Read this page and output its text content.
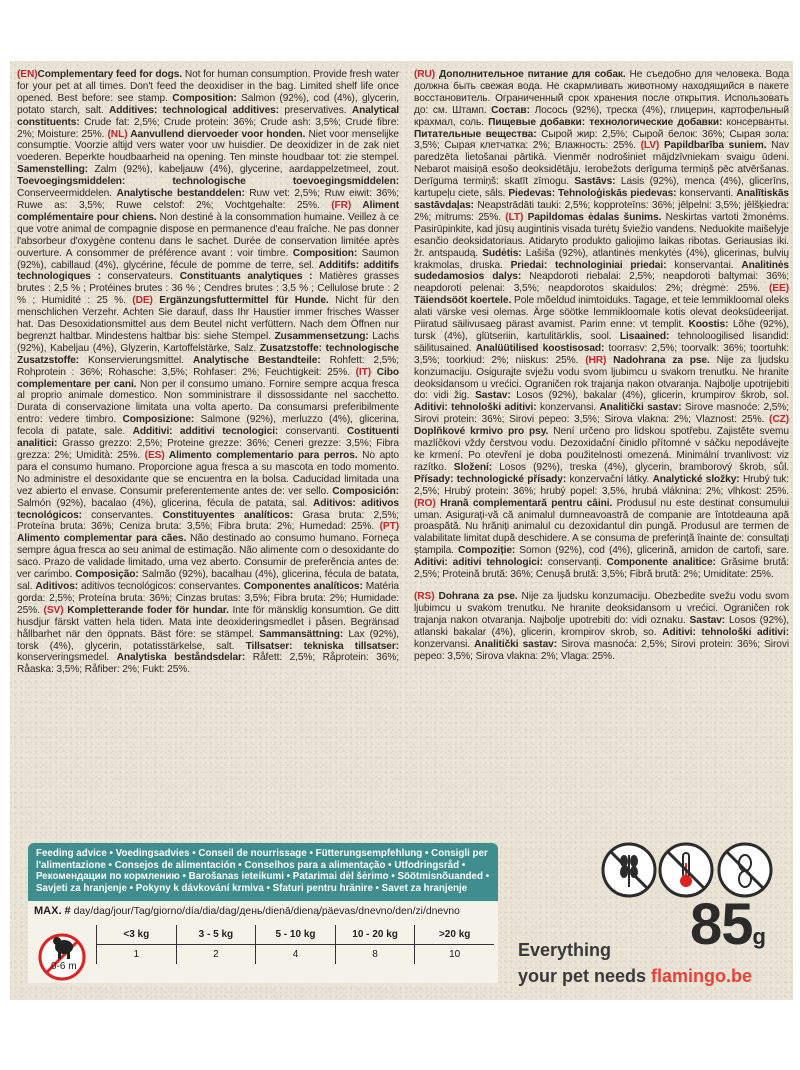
(EN)Complementary feed for dogs. Not for human consumption. Provide fresh water for your pet at all times. Don't feed the deoxidiser in the bag. Limited shelf life once opened. Best before: see stamp. Composition: Salmon (92%), cod (4%), glycerin, potato starch, salt. Additives: technological additives: preservatives. Analytical constituents: Crude fat: 2,5%; Crude protein: 36%; Crude ash: 3,5%; Crude fibre: 2%; Moisture: 25%. (NL) Aanvullend diervoeder voor honden. Niet voor menselijke consumptie. Voorzie altijd vers water voor uw huisdier. De deoxidizer in de zak niet voederen. Beperkte houdbaarheid na opening. Ten minste houdbaar tot: zie stempel. Samenstelling: Zalm (92%), kabeljauw (4%), glycerine, aardappelzetmeel, zout. Toevoegingsmiddelen: technologische toevoegingsmiddelen: Conserveermiddelen. Analytische bestanddelen: Ruw vet: 2,5%; Ruw eiwit: 36%; Ruwe as: 3,5%; Ruwe celstof: 2%; Vochtgehalte: 25%. (FR) Aliment complémentaire pour chiens. Non destiné à la consommation humaine. Veillez à ce que votre animal de compagnie dispose en permanence d'eau fraîche. Ne pas donner l'absorbeur d'oxygène contenu dans le sachet. Durée de conservation limitée après ouverture. A consommer de préférence avant : voir timbre. Composition: Saumon (92%), cabillaud (4%), glycérine, fécule de pomme de terre, sel. Additifs: additifs technologiques : conservateurs. Constituants analytiques : Matières grasses brutes : 2,5 % ; Protéines brutes : 36 % ; Cendres brutes : 3,5 % ; Cellulose brute : 2 % ; Humidité : 25 %. (DE) Ergänzungsfuttermittel für Hunde. Nicht für den menschlichen Verzehr. Achten Sie darauf, dass Ihr Haustier immer frisches Wasser hat. Das Desoxidationsmittel aus dem Beutel nicht verfüttern. Nach dem Öffnen nur begrenzt haltbar. Mindestens haltbar bis: siehe Stempel. Zusammensetzung: Lachs (92%), Kabeljau (4%), Glyzerin, Kartoffelstärke, Salz. Zusatzstoffe: technologische Zusatzstoffe: Konservierungsmittel. Analytische Bestandteile: Rohfett: 2,5%; Rohprotein : 36%; Rohasche: 3,5%; Rohfaser: 2%; Feuchtigkeit: 25%. (IT) Cibo complementare per cani. Non per il consumo umano. Fornire sempre acqua fresca al proprio animale domestico. Non somministrare il dissossidante nel sacchetto. Durata di conservazione limitata una volta aperto. Da consumarsi preferibilmente entro: vedere timbro. Composizione: Salmone (92%), merluzzo (4%), glicerina, fecola di patate, sale. Additivi: additivi tecnologici: conservanti. Costituenti analitici: Grasso grezzo: 2,5%; Proteine grezze: 36%; Ceneri grezze: 3,5%; Fibra grezza: 2%; Umidità: 25%. (ES) Alimento complementario para perros. No apto para el consumo humano. Proporcione agua fresca a su mascota en todo momento. No administre el desoxidante que se encuentra en la bolsa. Caducidad limitada una vez abierto el envase. Consumir preferentemente antes de: ver sello. Composición: Salmón (92%), bacalao (4%), glicerina, fécula de patata, sal. Aditivos: aditivos tecnológicos: conservantes. Constituyentes analíticos: Grasa bruta: 2,5%; Proteína bruta: 36%; Ceniza bruta: 3,5%; Fibra bruta: 2%; Humedad: 25%. (PT) Alimento complementar para cães. Não destinado ao consumo humano. Forneça sempre água fresca ao seu animal de estimação. Não alimente com o desoxidante do saco. Prazo de validade limitado, uma vez aberto. Consumir de preferência antes de: ver carimbo. Composição: Salmão (92%), bacalhau (4%), glicerina, fécula de batata, sal. Aditivos: aditivos tecnológicos: conservantes. Componentes analíticos: Matéria gorda: 2,5%; Proteína bruta: 36%; Cinzas brutas: 3,5%; Fibra bruta: 2%; Humidade: 25%. (SV) Kompletterande foder för hundar. Inte för mänsklig konsumtion. Ge ditt husdjur färskt vatten hela tiden. Mata inte deoxideringsmedlet i påsen. Begränsad hållbarhet när den öppnats. Bäst före: se stämpel. Sammansättning: Lax (92%), torsk (4%), glycerin, potatisstärkelse, salt. Tillsatser: tekniska tillsatser: konserveringsmedel. Analytiska beståndsdelar: Råfett: 2,5%; Råprotein: 36%; Råaska: 3,5%; Råfiber: 2%; Fukt: 25%.

(RU) Дополнительное питание для собак. Не съедобно для человека. Вода должна быть свежая вода. Не скармливать животному находящийся в пакете восстановитель. Ограниченный срок хранения после открытия. Использовать до: см. Штамп. Состав: Лосось (92%), треска (4%), глицерин, картофельный крахмал, соль. Пищевые добавки: технологические добавки: консерванты. Питательные вещества: Сырой жир: 2,5%; Сырой белок: 36%; Сырая зола: 3,5%; Сырая клетчатка: 2%; Влажность: 25%. (LV) Papildbarība suniem. Nav paredzēta lietošanai pārtikā. Vienmēr nodrošiniet mājdzīvniekam svaigu ūdeni. Nebarot maisiņā esošo deoksidētāju. Ierobežots derīguma termiņš pēc atvēršanas. Derīguma termiņš: skatīt zīmogu. Sastāvs: Lasis (92%), menca (4%), glicerīns, kartupeļu ciete, sāls. Piedevas: Tehnoloģiskās piedevas: konservanti. Analītiskās sastāvdaļas: Neapstrādāti tauki: 2,5%; kopproteīns: 36%; jēlpelni: 3,5%; jēlšķiedra: 2%; mitrums: 25%. (LT) Papildomas ėdalas šunims. Neskirtas vartoti žmonėms. Pasirūpinkite, kad jūsų augintinis visada turėtų šviežio vandens. Neduokite maišelyje esančio deoksidatoriaus. Atidaryto produkto galiojimo laikas ribotas. Geriausias iki. žr. antspaudą. Sudėtis: Lašiša (92%), atlantinės menkytės (4%), glicerinas, bulvių krakmolas, druska. Priedai: technologiniai priedai: konservantai. Analitinės sudedamosios dalys: Neapdoroti riebalai: 2,5%; neapdoroti baltymai: 36%; neapdoroti pelenai: 3,5%; neapdorotos skaidulos: 2%; drėgmė: 25%. (EE) Täiendsööt koertele. Pole mõeldud inimtoiduks. Tagage, et teie lemmikloomal oleks alati värske vesi olemas. Ärge söötke lemmikloomale kotis olevat deoksüdeerijat. Piiratud säilivusaeg pärast avamist. Parim enne: vt templit. Koostis: Lõhe (92%), tursk (4%), glütseriin, kartulitärklis, sool. Lisaained: tehnoloogilised lisandid: säilitusained. Analüütilised koostisosad: toorrasv: 2,5%; toorvalk: 36%; toortuhk: 3,5%; toorkiud: 2%; niiskus: 25%. (HR) Nadohrana za pse. Nije za ljudsku konzumaciju. Osigurajte svježu vodu svom ljubimcu u svakom trenutku. Ne hranite deoksidansom u vrećici. Ograničen rok trajanja nakon otvaranja. Najbolje upotrijebiti do: vidi žig. Sastav: Losos (92%), bakalar (4%), glicerin, krumpirov škrob, sol. Aditivi: tehnološki aditivi: konzervansi. Analitički sastav: Sirove masnoće: 2,5%; Sirovi protein: 36%; Sirovi pepeo: 3,5%; Sirova vlakna: 2%; Vlaznost: 25%. (CZ) Doplňkové krmivo pro psy. Není určeno pro lidskou spotřebu. Zajistěte svemu mazlíčkovi vždy čerstvou vodu. Dezoxidační činidlo přítomné v sáčku nepodávejte ke krmení. Po otevření je doba použitelnosti omezená. Minimální trvanlivost: viz razítko. Složení: Losos (92%), treska (4%), glycerin, bramborový škrob, sůl. Přísady: technologické přísady: konzervační látky. Analytické složky: Hrubý tuk: 2,5%; Hrubý protein: 36%; hrubý popel: 3,5%, hrubá vláknina: 2%; vlhkost: 25%. (RO) Hrană complementară pentru câini. Produsul nu este destinat consumului uman. Asigurați-vă că animalul dumneavoastră de companie are întotdeauna apă proaspătă. Nu hrăniți animalul cu dezoxidantul din pungă. Produsul are termen de valabilitate limitat după deschidere. A se consuma de preferință înainte de: consultați ștampila. Compoziție: Somon (92%), cod (4%), glicerină, amidon de cartofi, sare. Aditivi: aditivi tehnologici: conservanți. Componente analitice: Grăsime brută: 2,5%; Proteină brută: 36%; Cenușă brută: 3,5%; Fibră brută: 2%; Umiditate: 25%.

(RS) Dohrana za pse. Nije za ljudsku konzumaciju. Obezbedite svežu vodu svom ljubimcu u svakom trenutku. Ne hranite deoksidansom u vrećici. Ograničen rok trajanja nakon otvaranja. Najbolje upotrebiti do: vidi oznaku. Sastav: Losos (92%), atlanski bakalar (4%), glicerin, krompirov skrob, so. Aditivi: tehnološki aditivi: konzervansi. Analitički sastav: Sirova masnoća: 2,5%; Sirovi protein: 36%; Sirovi pepeo: 3,5%; Sirova vlakna: 2%; Vlaga: 25%.

Feeding advice • Voedingsadvies • Conseil de nourrissage • Fütterungsempfehlung • Consigli per l'alimentazione • Consejos de alimentación • Conselhos para a alimentação • Utfodringsråd • Рекомендации по кормлению • Barošanas ieteikumi • Patarimai dėl šėrimo • Söötmisnõuanded • Savjeti za hranjenje • Pokyny k dávkování krmiva • Sfaturi pentru hrănire • Savet za hranjenje
MAX. # day/dag/jour/Tag/giorno/día/dia/dag/день/dienā/dieną/päevas/dnevno/den/zi/dnevno
0-6 m
<3 kg	3 - 5 kg	5 - 10 kg	10 - 20 kg	>20 kg
1	2	4	8	10	85g
Everything
your pet needs flamingo.be
